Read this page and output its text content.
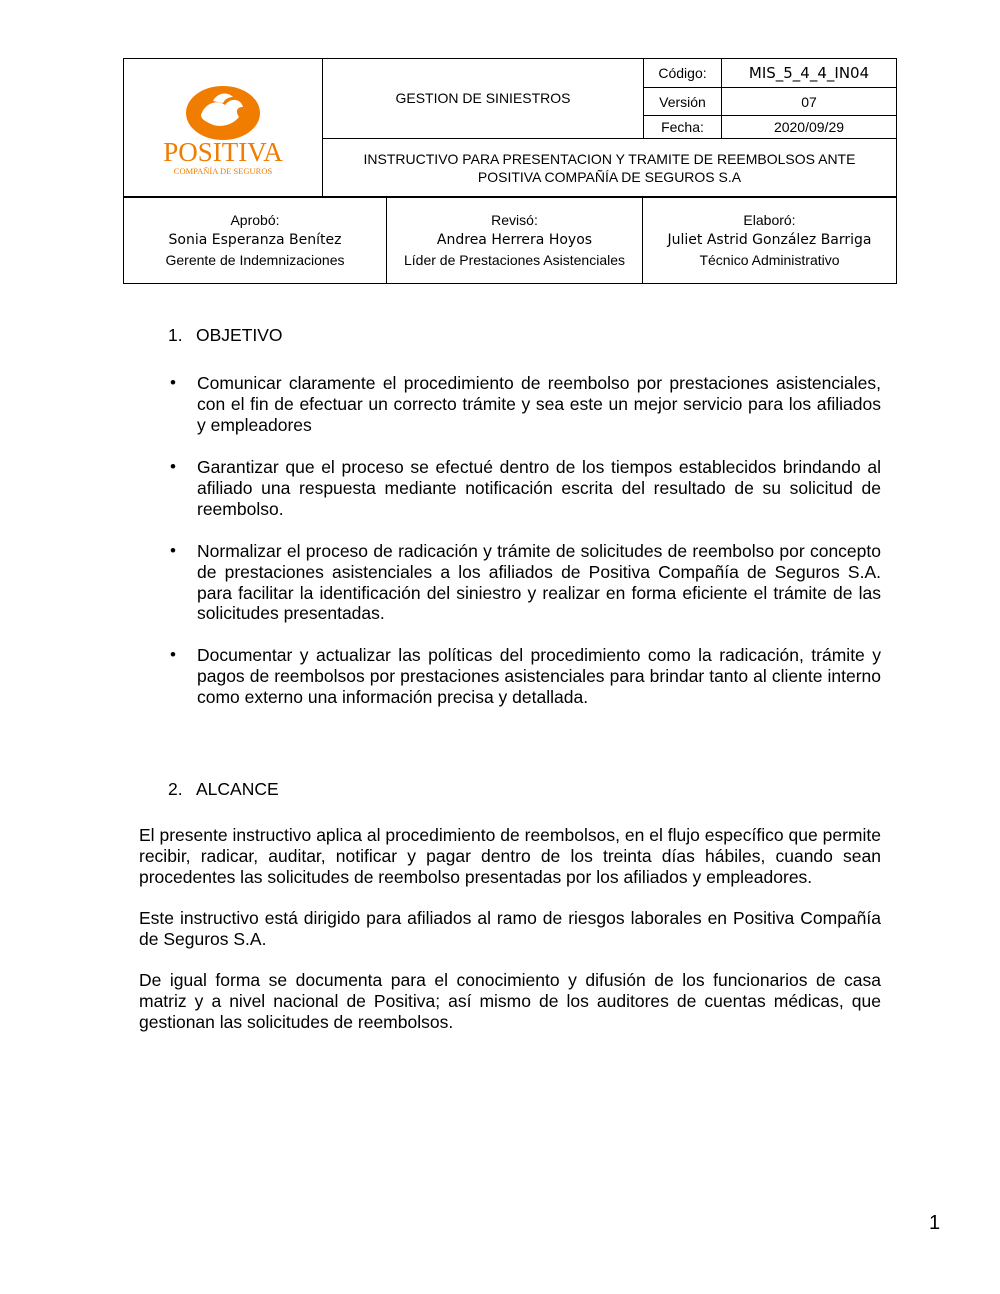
POSITIVA
COMPAÑÍA DE SEGUROS	GESTION DE SINIESTROS	Código:	MIS_5_4_4_IN04
		Versión	07
		Fecha:	2020/09/29
	INSTRUCTIVO PARA PRESENTACION Y TRAMITE DE REEMBOLSOS ANTE POSITIVA COMPAÑÍA DE SEGUROS S.A		
Aprobó:
Sonia Esperanza Benítez
Gerente de Indemnizaciones

Revisó:
Andrea Herrera Hoyos
Líder de Prestaciones Asistenciales

Elaboró:
Juliet Astrid González Barriga
Técnico Administrativo
1. OBJETIVO
• Comunicar claramente el procedimiento de reembolso por prestaciones asistenciales, con el fin de efectuar un correcto trámite y sea este un mejor servicio para los afiliados y empleadores
• Garantizar que el proceso se efectué dentro de los tiempos establecidos brindando al afiliado una respuesta mediante notificación escrita del resultado de su solicitud de reembolso.
• Normalizar el proceso de radicación y trámite de solicitudes de reembolso por concepto de prestaciones asistenciales a los afiliados de Positiva Compañía de Seguros S.A. para facilitar la identificación del siniestro y realizar en forma eficiente el trámite de las solicitudes presentadas.
• Documentar y actualizar las políticas del procedimiento como la radicación, trámite y pagos de reembolsos por prestaciones asistenciales para brindar tanto al cliente interno como externo una información precisa y detallada.
2. ALCANCE
El presente instructivo aplica al procedimiento de reembolsos, en el flujo específico que permite recibir, radicar, auditar, notificar y pagar dentro de los treinta días hábiles, cuando sean procedentes las solicitudes de reembolso presentadas por los afiliados y empleadores.
Este instructivo está dirigido para afiliados al ramo de riesgos laborales en Positiva Compañía de Seguros S.A.
De igual forma se documenta para el conocimiento y difusión de los funcionarios de casa matriz y a nivel nacional de Positiva; así mismo de los auditores de cuentas médicas, que gestionan las solicitudes de reembolsos.
1
